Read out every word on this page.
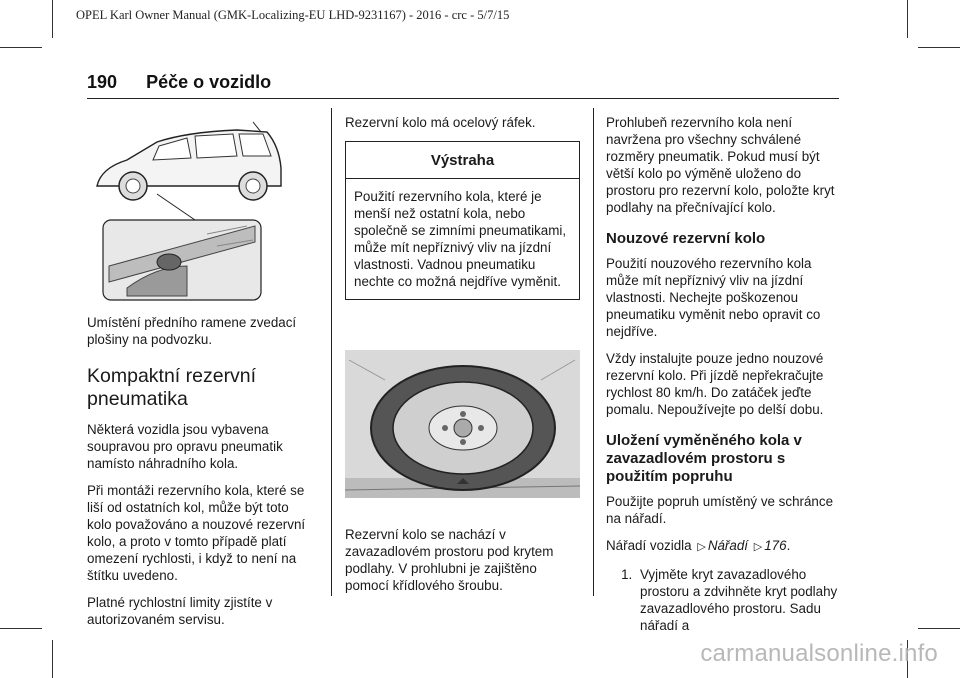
OPEL Karl Owner Manual (GMK-Localizing-EU LHD-9231167) - 2016 - crc - 5/7/15
190 Péče o vozidlo

Umístění předního ramene zvedací plošiny na podvozku.

Kompaktní rezervní pneumatika

Některá vozidla jsou vybavena soupravou pro opravu pneumatik namísto náhradního kola.

Při montáži rezervního kola, které se liší od ostatních kol, může být toto kolo považováno a nouzové rezervní kolo, a proto v tomto případě platí omezení rychlosti, i když to není na štítku uvedeno.

Platné rychlostní limity zjistíte v autorizovaném servisu.

Rezervní kolo má ocelový ráfek.

Výstraha
Použití rezervního kola, které je menší než ostatní kola, nebo společně se zimními pneumatikami, může mít nepříznivý vliv na jízdní vlastnosti. Vadnou pneumatiku nechte co možná nejdříve vyměnit.

Rezervní kolo se nachází v zavazadlovém prostoru pod krytem podlahy. V prohlubni je zajištěno pomocí křídlového šroubu.

Prohlubeň rezervního kola není navržena pro všechny schválené rozměry pneumatik. Pokud musí být větší kolo po výměně uloženo do prostoru pro rezervní kolo, položte kryt podlahy na přečnívající kolo.

Nouzové rezervní kolo

Použití nouzového rezervního kola může mít nepříznivý vliv na jízdní vlastnosti. Nechejte poškozenou pneumatiku vyměnit nebo opravit co nejdříve.

Vždy instalujte pouze jedno nouzové rezervní kolo. Při jízdě nepřekračujte rychlost 80 km/h. Do zatáček jeďte pomalu. Nepoužívejte po delší dobu.

Uložení vyměněného kola v zavazadlovém prostoru s použitím popruhu

Použijte popruh umístěný ve schránce na nářadí.

Nářadí vozidla ▷ Nářadí ▷ 176.

1. Vyjměte kryt zavazadlového prostoru a zdvihněte kryt podlahy zavazadlového prostoru. Sadu nářadí a
carmanualsonline.info
